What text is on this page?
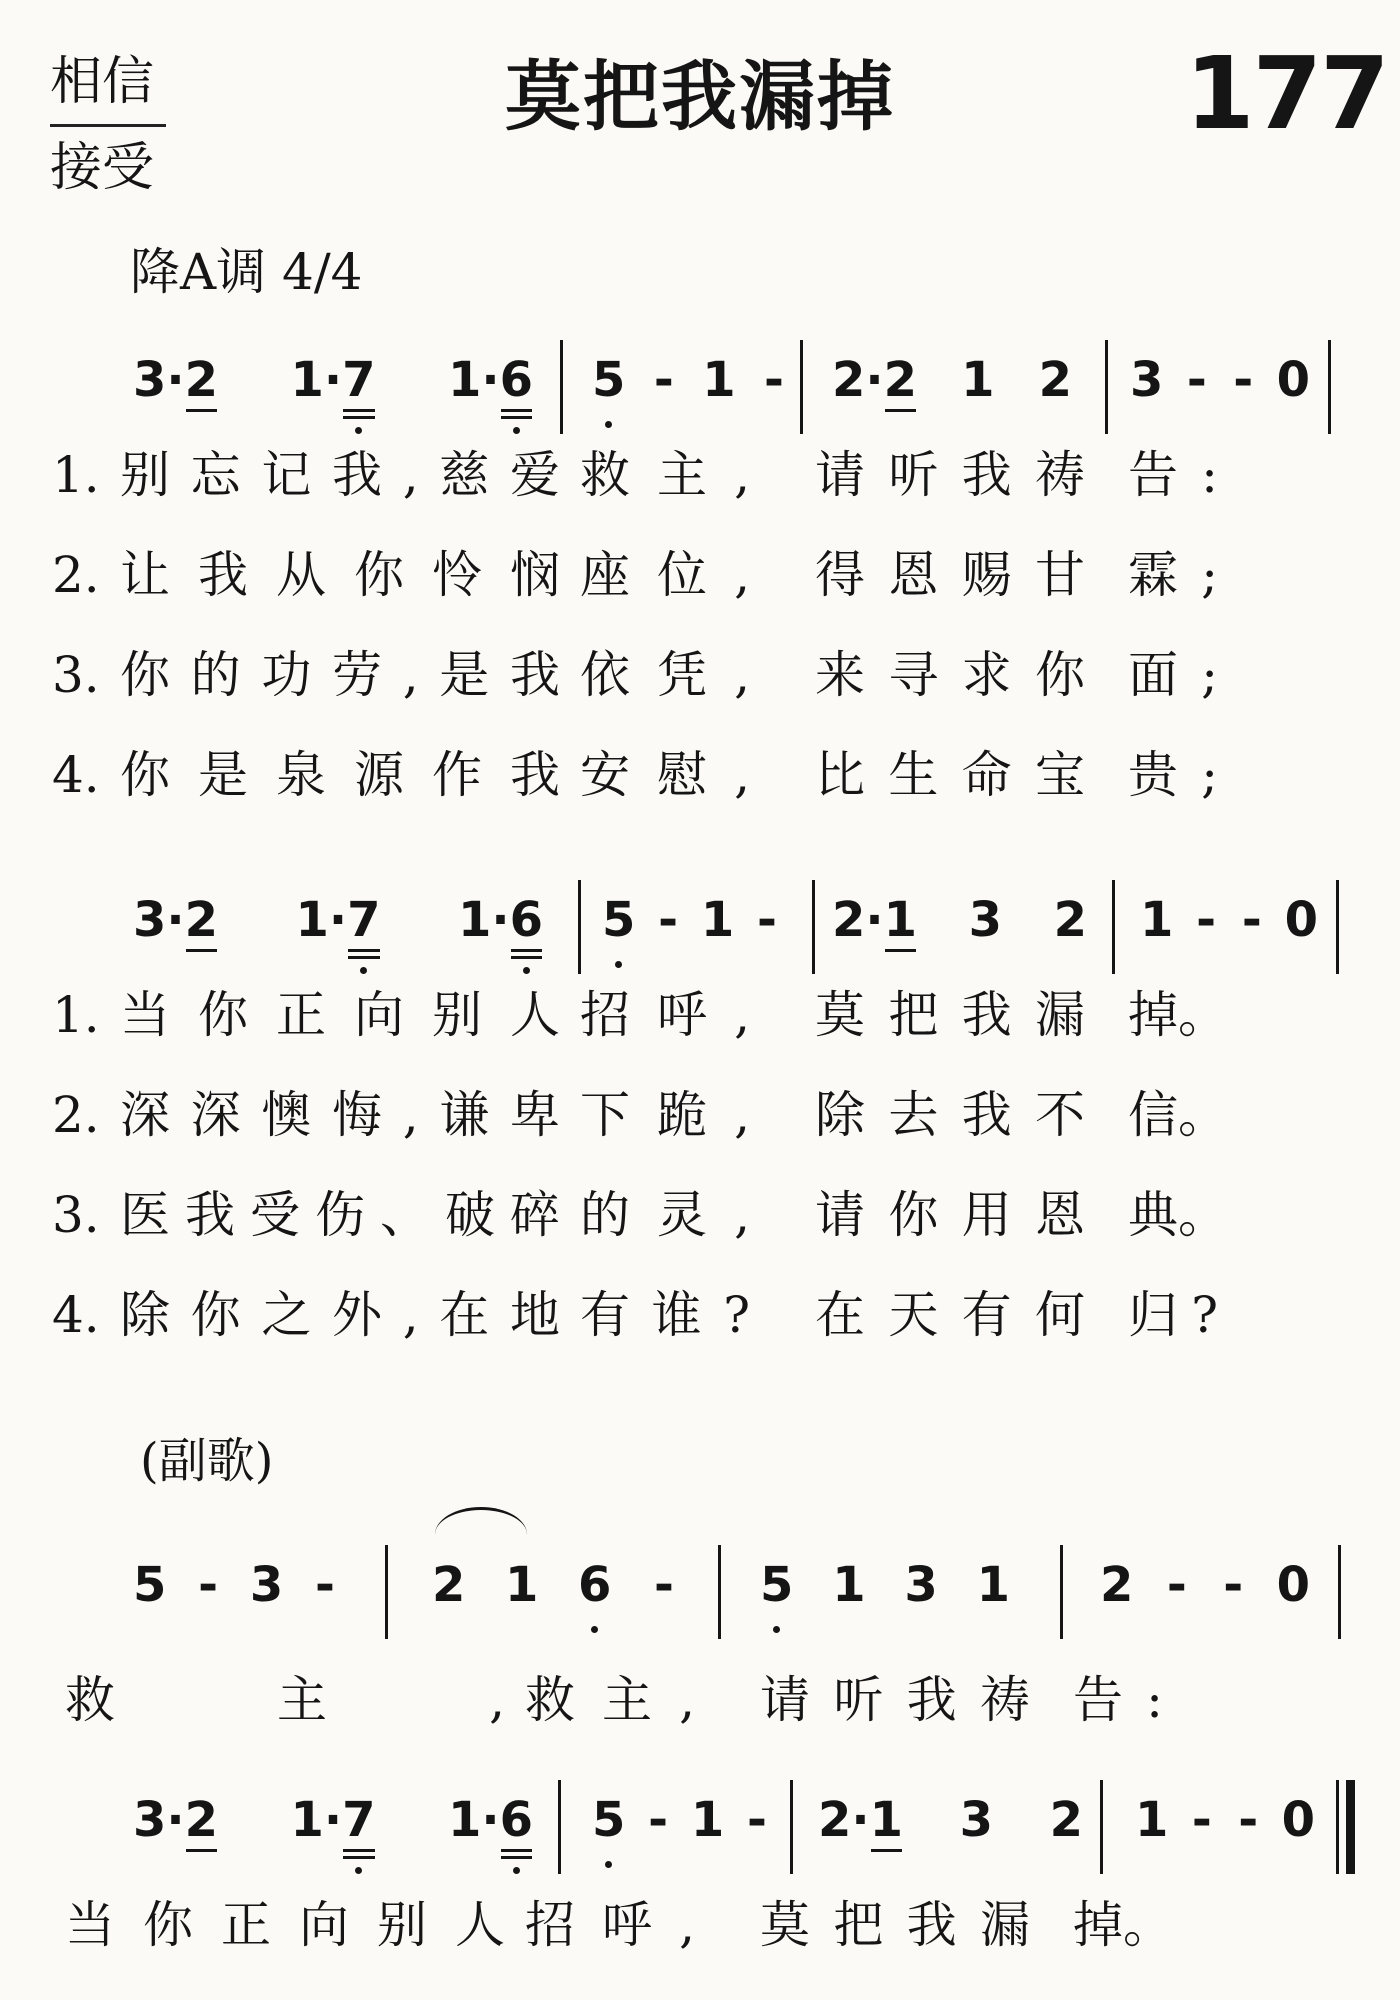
相信
接受
莫把我漏掉	177
降A调 4/4
(副歌)
3·2 1·7 1·6 5 - 1 - 2·2 1 2 3 - - 0
3·2 1·7 1·6 5 - 1 - 2·1 3 2 1 - - 0
5 - 3 - 2 1 6 - 5 1 3 1 2 - - 0
3·2 1·7 1·6 5 - 1 - 2·1 3 2 1 - - 0
1. 别 忘 记 我 , 慈 爱 救 主 , 请 听 我 祷 告 :
2. 让 我 从 你 怜 悯 座 位 , 得 恩 赐 甘 霖 ;
3. 你 的 功 劳 , 是 我 依 凭 , 来 寻 求 你 面 ;
4. 你 是 泉 源 作 我 安 慰 , 比 生 命 宝 贵 ;
1. 当 你 正 向 别 人 招 呼 , 莫 把 我 漏 掉 。
2. 深 深 懊 悔 , 谦 卑 下 跪 , 除 去 我 不 信 。
3. 医 我 受 伤 、 破 碎 的 灵 , 请 你 用 恩 典 。
4. 除 你 之 外 , 在 地 有 谁 ? 在 天 有 何 归 ?
救	主	, 救 主 , 请 听 我 祷 告 :
当 你 正 向 别 人 招 呼 , 莫 把 我 漏 掉 。
